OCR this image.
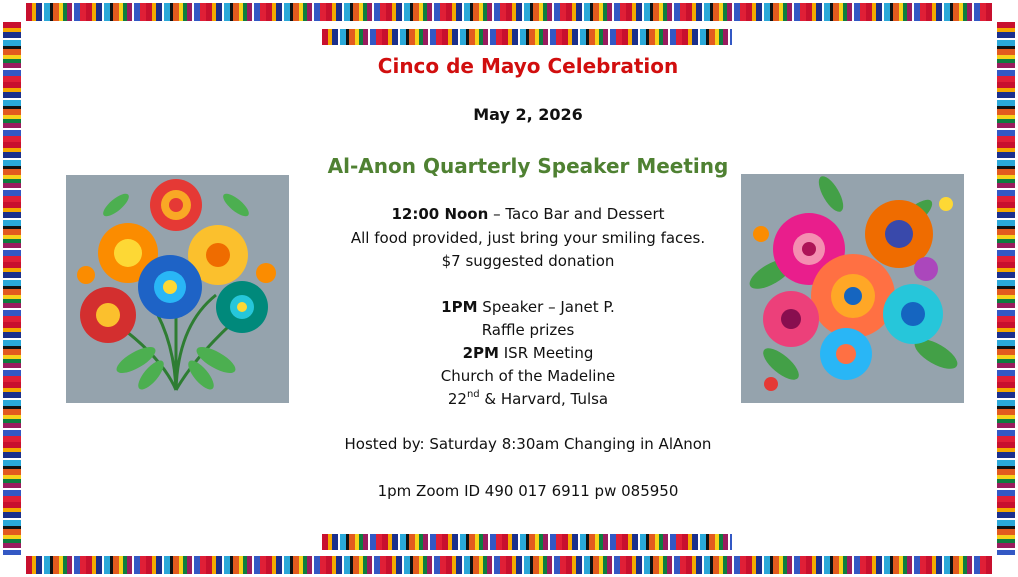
Cinco de Mayo Celebration
May 2, 2026
Al-Anon Quarterly Speaker Meeting
12:00 Noon – Taco Bar and Dessert
All food provided, just bring your smiling faces.
$7 suggested donation
1PM Speaker – Janet P.
Raffle prizes
2PM ISR Meeting
Church of the Madeline
22nd & Harvard, Tulsa
Hosted by: Saturday 8:30am Changing in AlAnon
1pm Zoom ID 490 017 6911 pw 085950
